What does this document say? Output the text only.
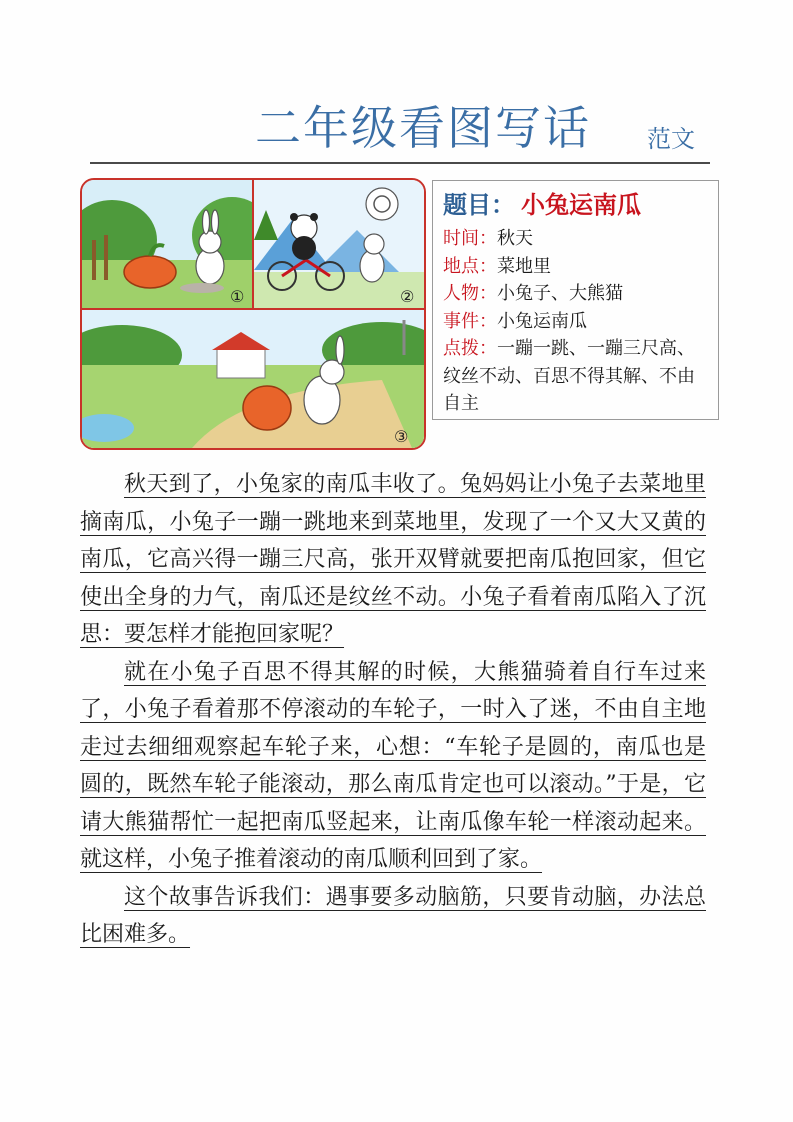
二年级看图写话 范文
①	②
③
题目： 小兔运南瓜
时间：秋天
地点：菜地里
人物：小兔子、大熊猫
事件：小兔运南瓜
点拨：一蹦一跳、一蹦三尺高、纹丝不动、百思不得其解、不由自主

秋天到了，小兔家的南瓜丰收了。兔妈妈让小兔子去菜地里摘南瓜，小兔子一蹦一跳地来到菜地里，发现了一个又大又黄的南瓜，它高兴得一蹦三尺高，张开双臂就要把南瓜抱回家，但它使出全身的力气，南瓜还是纹丝不动。小兔子看着南瓜陷入了沉思：要怎样才能抱回家呢？

就在小兔子百思不得其解的时候，大熊猫骑着自行车过来了，小兔子看着那不停滚动的车轮子，一时入了迷，不由自主地走过去细细观察起车轮子来，心想：“车轮子是圆的，南瓜也是圆的，既然车轮子能滚动，那么南瓜肯定也可以滚动。”于是，它请大熊猫帮忙一起把南瓜竖起来，让南瓜像车轮一样滚动起来。就这样，小兔子推着滚动的南瓜顺利回到了家。

这个故事告诉我们：遇事要多动脑筋，只要肯动脑，办法总比困难多。
